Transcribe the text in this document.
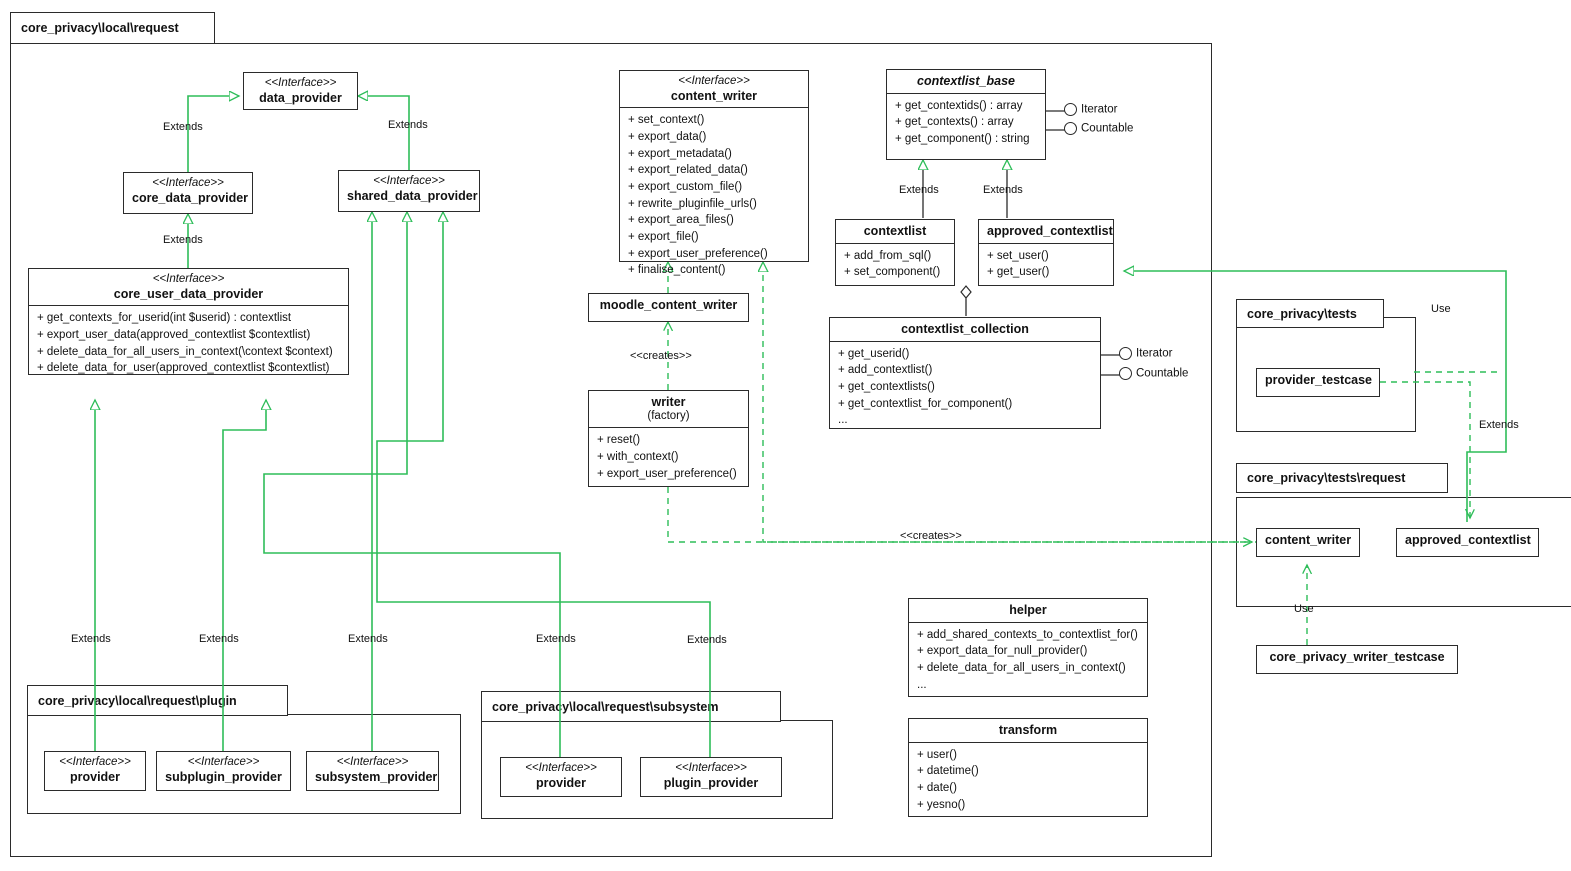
core_privacy\tests
core_privacy\tests\request
core_privacy\local\request
core_privacy\local\request\plugin	core_privacy\local\request\subsystem
Iterator
Countable
Iterator
Countable
<<Interface>>
data_provider
<<Interface>>
core_data_provider
<<Interface>>
shared_data_provider
<<Interface>>
core_user_data_provider
+ get_contexts_for_userid(int $userid) : contextlist
+ export_user_data(approved_contextlist $contextlist)
+ delete_data_for_all_users_in_context(\context $context)
+ delete_data_for_user(approved_contextlist $contextlist)
<<Interface>>
content_writer
+ set_context()
+ export_data()
+ export_metadata()
+ export_related_data()
+ export_custom_file()
+ rewrite_pluginfile_urls()
+ export_area_files()
+ export_file()
+ export_user_preference()
+ finalise_content()
moodle_content_writer
writer
(factory)
+ reset()
+ with_context()
+ export_user_preference()
contextlist_base
+ get_contextids() : array
+ get_contexts() : array
+ get_component() : string
contextlist
+ add_from_sql()
+ set_component()
approved_contextlist
+ set_user()
+ get_user()
contextlist_collection
+ get_userid()
+ add_contextlist()
+ get_contextlists()
+ get_contextlist_for_component()
...
helper
+ add_shared_contexts_to_contextlist_for()
+ export_data_for_null_provider()
+ delete_data_for_all_users_in_context()
...
transform
+ user()
+ datetime()
+ date()
+ yesno()
provider_testcase
content_writer	approved_contextlist
core_privacy_writer_testcase
<<Interface>>
provider
<<Interface>>
subplugin_provider
<<Interface>>
subsystem_provider
<<Interface>>
provider
<<Interface>>
plugin_provider
Extends	Extends
Extends
Extends	Extends
<<creates>>
<<creates>>
Use
Extends
Use
Extends	Extends	Extends	Extends	Extends
